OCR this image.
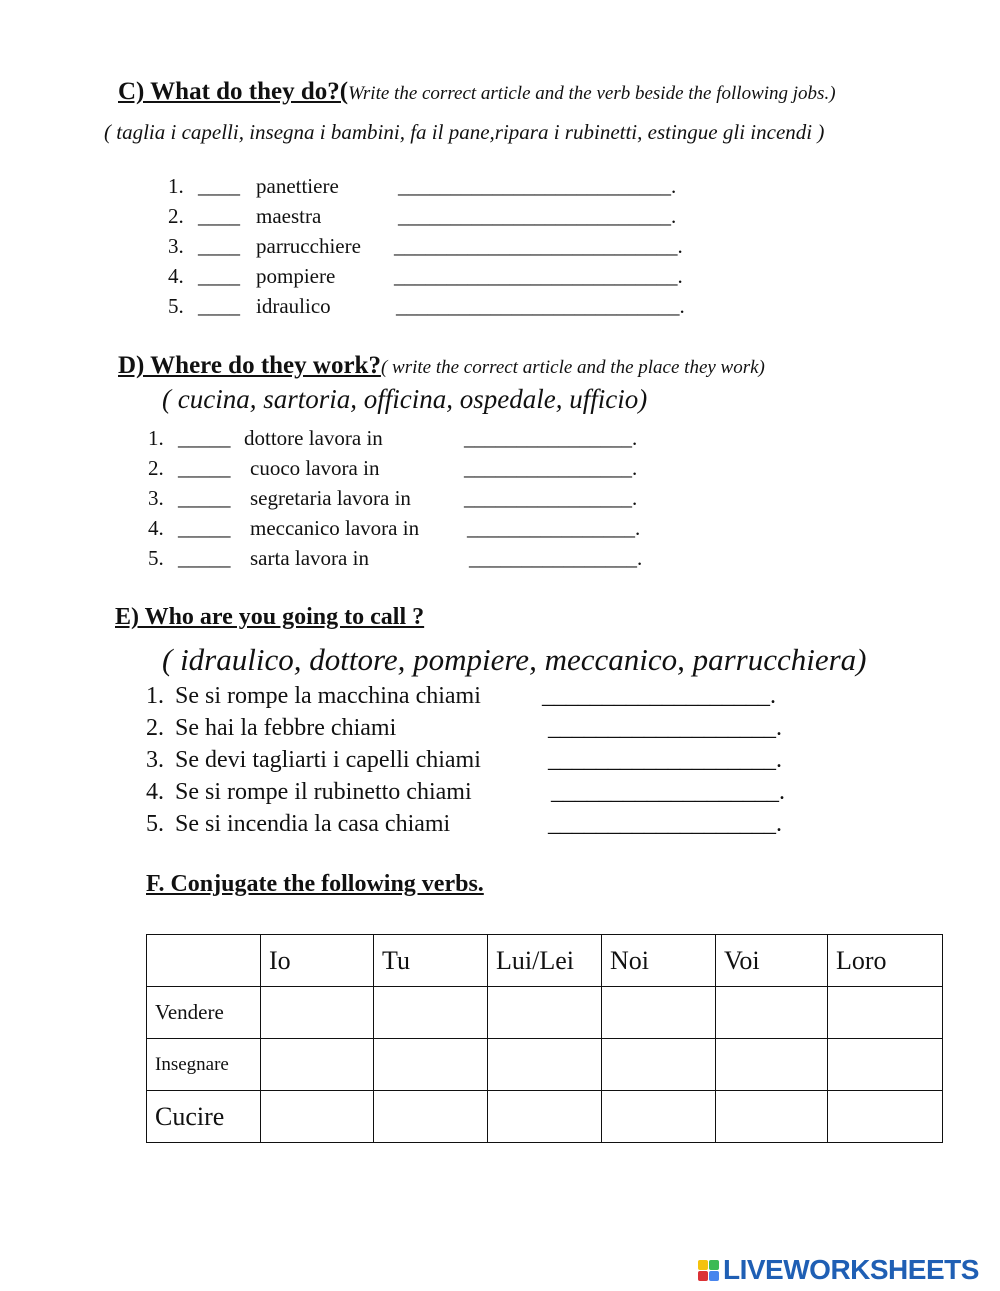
C) What do they do?(Write the correct article and the verb beside the following jobs.)
( taglia i capelli, insegna i bambini, fa il pane,ripara i rubinetti, estingue gli incendi )
1. ____ panettiere	__________________________.
2. ____ maestra	__________________________.
3. ____ parrucchiere ___________________________.
4. ____ pompiere	___________________________.
5. ____ idraulico	___________________________.
D) Where do they work?( write the correct article and the place they work)
( cucina, sartoria, officina, ospedale, ufficio)
1. _____ dottore lavora in	________________.
2. _____ cuoco lavora in	________________.
3. _____ segretaria lavora in	________________.
4. _____ meccanico lavora in ________________.
5. _____ sarta lavora in	________________.
E) Who are you going to call ?
( idraulico, dottore, pompiere, meccanico, parrucchiera)
1. Se si rompe la macchina chiami	___________________.
2. Se hai la febbre chiami	___________________.
3. Se devi tagliarti i capelli chiami	___________________.
4. Se si rompe il rubinetto chiami	___________________.
5. Se si incendia la casa chiami	___________________.
F. Conjugate the following verbs.
	Io	Tu	Lui/Lei	Noi	Voi	Loro
Vendere						
Insegnare						
Cucire						
LIVEWORKSHEETS
